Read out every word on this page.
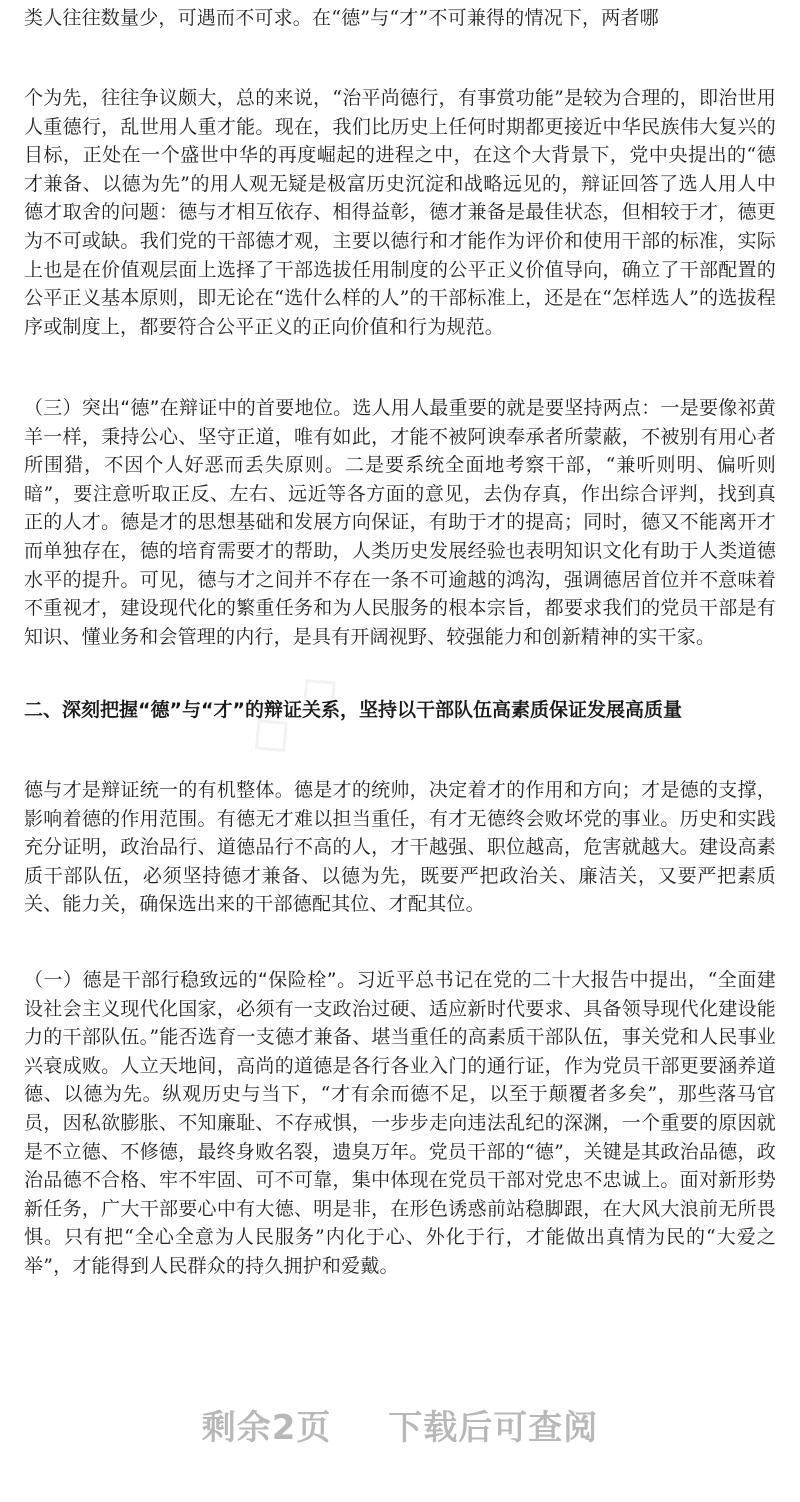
类人往往数量少，可遇而不可求。在“德”与“才”不可兼得的情况下，两者哪

个为先，往往争议颇大，总的来说，“治平尚德行，有事赏功能”是较为合理的，即治世用人重德行，乱世用人重才能。现在，我们比历史上任何时期都更接近中华民族伟大复兴的目标，正处在一个盛世中华的再度崛起的进程之中，在这个大背景下，党中央提出的“德才兼备、以德为先”的用人观无疑是极富历史沉淀和战略远见的，辩证回答了选人用人中德才取舍的问题：德与才相互依存、相得益彰，德才兼备是最佳状态，但相较于才，德更为不可或缺。我们党的干部德才观，主要以德行和才能作为评价和使用干部的标准，实际上也是在价值观层面上选择了干部选拔任用制度的公平正义价值导向，确立了干部配置的公平正义基本原则，即无论在“选什么样的人”的干部标准上，还是在“怎样选人”的选拔程序或制度上，都要符合公平正义的正向价值和行为规范。

（三）突出“德”在辩证中的首要地位。选人用人最重要的就是要坚持两点：一是要像祁黄羊一样，秉持公心、坚守正道，唯有如此，才能不被阿谀奉承者所蒙蔽，不被别有用心者所围猎，不因个人好恶而丢失原则。二是要系统全面地考察干部，“兼听则明、偏听则暗”，要注意听取正反、左右、远近等各方面的意见，去伪存真，作出综合评判，找到真正的人才。德是才的思想基础和发展方向保证，有助于才的提高；同时，德又不能离开才而单独存在，德的培育需要才的帮助，人类历史发展经验也表明知识文化有助于人类道德水平的提升。可见，德与才之间并不存在一条不可逾越的鸿沟，强调德居首位并不意味着不重视才，建设现代化的繁重任务和为人民服务的根本宗旨，都要求我们的党员干部是有知识、懂业务和会管理的内行，是具有开阔视野、较强能力和创新精神的实干家。

二、深刻把握“德”与“才”的辩证关系，坚持以干部队伍高素质保证发展高质量

德与才是辩证统一的有机整体。德是才的统帅，决定着才的作用和方向；才是德的支撑，影响着德的作用范围。有德无才难以担当重任，有才无德终会败坏党的事业。历史和实践充分证明，政治品行、道德品行不高的人，才干越强、职位越高，危害就越大。建设高素质干部队伍，必须坚持德才兼备、以德为先，既要严把政治关、廉洁关，又要严把素质关、能力关，确保选出来的干部德配其位、才配其位。

（一）德是干部行稳致远的“保险栓”。习近平总书记在党的二十大报告中提出，“全面建设社会主义现代化国家，必须有一支政治过硬、适应新时代要求、具备领导现代化建设能力的干部队伍。”能否选育一支德才兼备、堪当重任的高素质干部队伍，事关党和人民事业兴衰成败。人立天地间，高尚的道德是各行各业入门的通行证，作为党员干部更要涵养道德、以德为先。纵观历史与当下，“才有余而德不足，以至于颠覆者多矣”，那些落马官员，因私欲膨胀、不知廉耻、不存戒惧，一步步走向违法乱纪的深渊，一个重要的原因就是不立德、不修德，最终身败名裂，遗臭万年。党员干部的“德”，关键是其政治品德，政治品德不合格、牢不牢固、可不可靠，集中体现在党员干部对党忠不忠诚上。面对新形势新任务，广大干部要心中有大德、明是非，在形色诱惑前站稳脚跟，在大风大浪前无所畏惧。只有把“全心全意为人民服务”内化于心、外化于行，才能做出真情为民的“大爱之举”，才能得到人民群众的持久拥护和爱戴。

◇ ◇
剩余2页 下载后可查阅
